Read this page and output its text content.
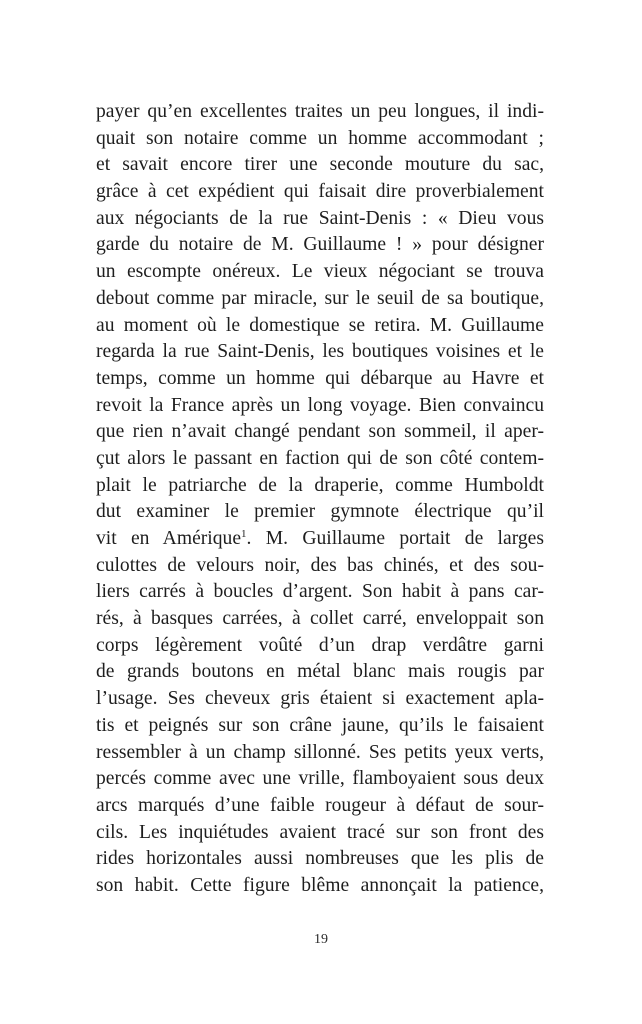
payer qu’en excellentes traites un peu longues, il indi-
quait son notaire comme un homme accommodant ;
et savait encore tirer une seconde mouture du sac,
grâce à cet expédient qui faisait dire proverbialement
aux négociants de la rue Saint-Denis : « Dieu vous
garde du notaire de M. Guillaume ! » pour désigner
un escompte onéreux. Le vieux négociant se trouva
debout comme par miracle, sur le seuil de sa boutique,
au moment où le domestique se retira. M. Guillaume
regarda la rue Saint-Denis, les boutiques voisines et le
temps, comme un homme qui débarque au Havre et
revoit la France après un long voyage. Bien convaincu
que rien n’avait changé pendant son sommeil, il aper-
çut alors le passant en faction qui de son côté contem-
plait le patriarche de la draperie, comme Humboldt
dut examiner le premier gymnote électrique qu’il
vit en Amérique$^1$. M. Guillaume portait de larges
culottes de velours noir, des bas chinés, et des sou-
liers carrés à boucles d’argent. Son habit à pans car-
rés, à basques carrées, à collet carré, enveloppait son
corps légèrement voûté d’un drap verdâtre garni
de grands boutons en métal blanc mais rougis par
l’usage. Ses cheveux gris étaient si exactement apla-
tis et peignés sur son crâne jaune, qu’ils le faisaient
ressembler à un champ sillonné. Ses petits yeux verts,
percés comme avec une vrille, flamboyaient sous deux
arcs marqués d’une faible rougeur à défaut de sour-
cils. Les inquiétudes avaient tracé sur son front des
rides horizontales aussi nombreuses que les plis de
son habit. Cette figure blême annonçait la patience,
19
